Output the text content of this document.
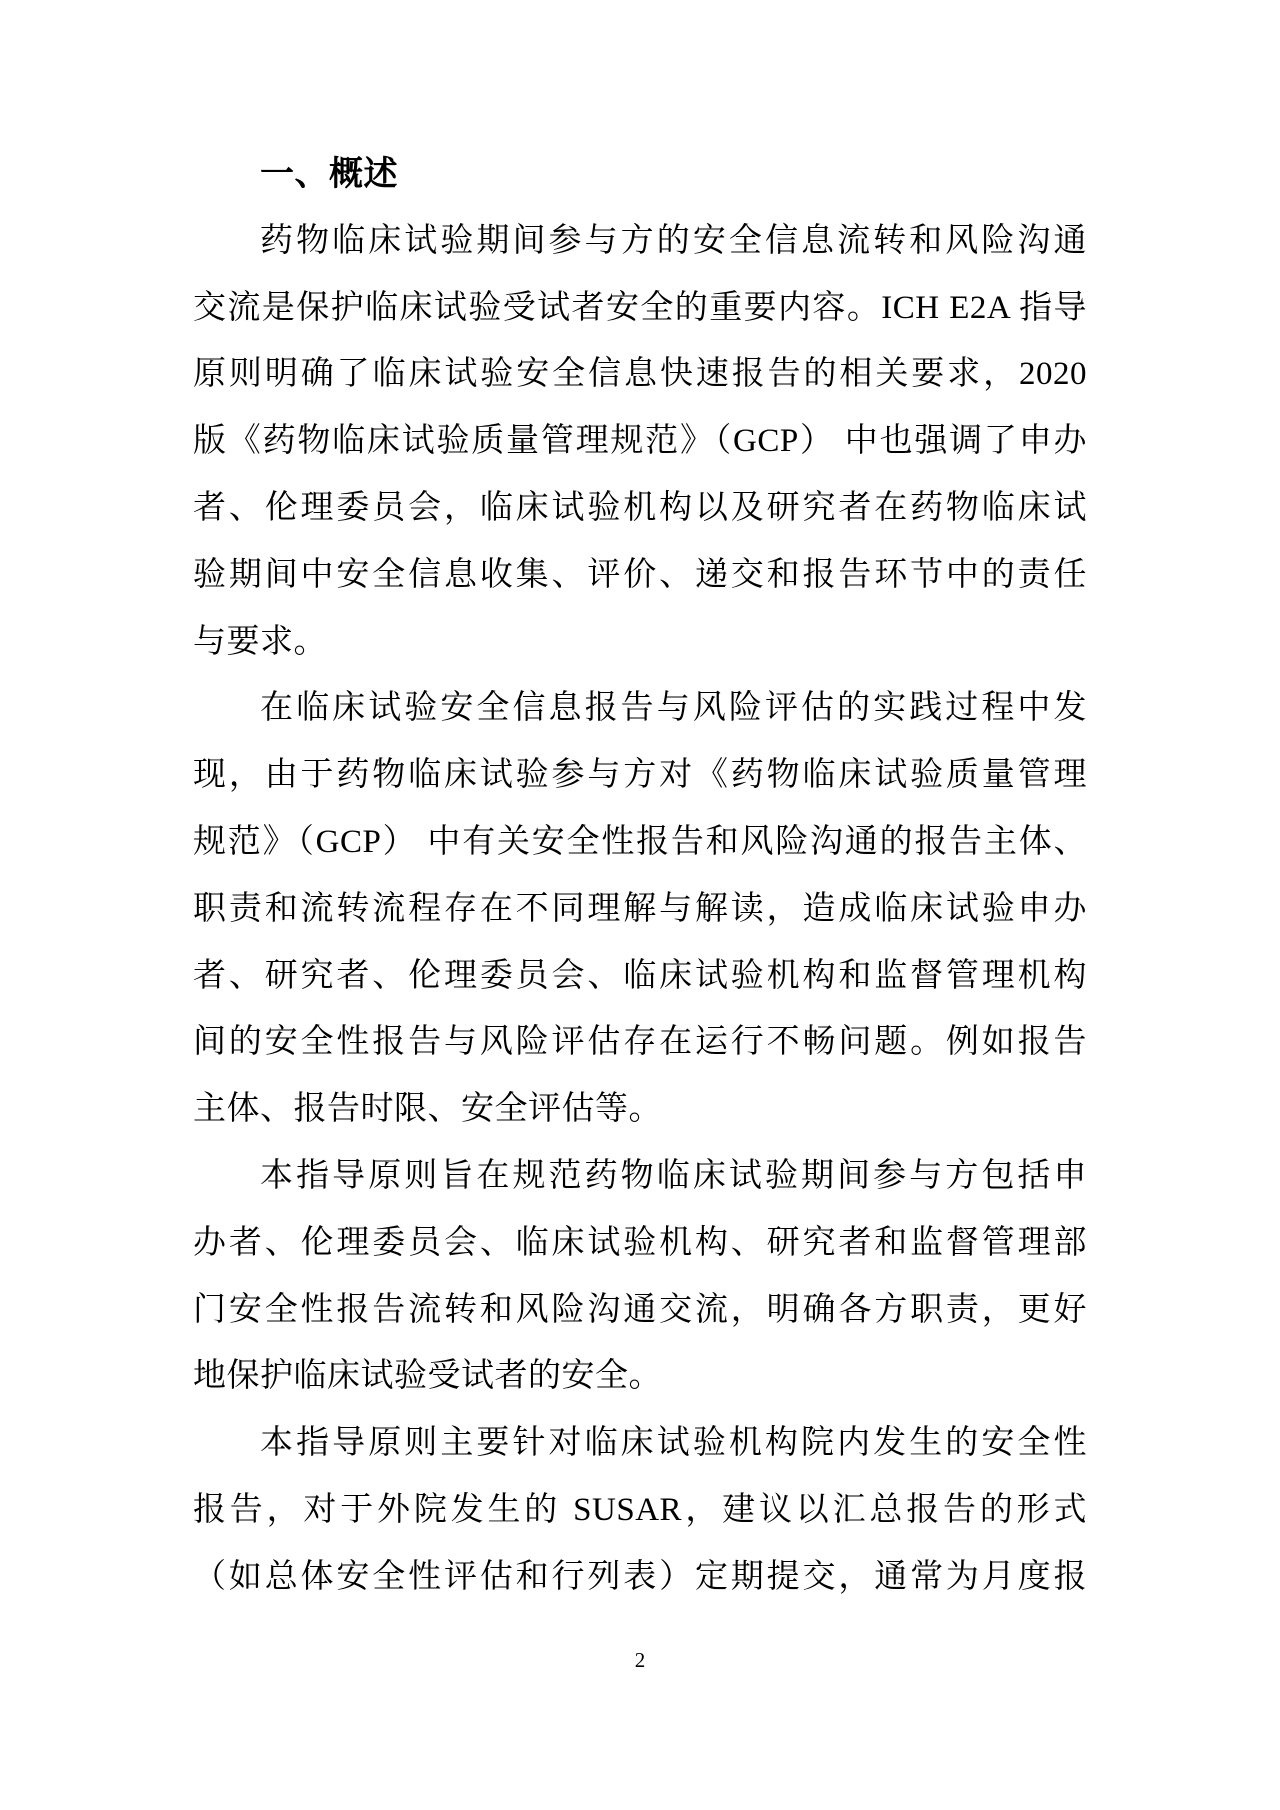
一、概述
药物临床试验期间参与方的安全信息流转和风险沟通
交流是保护临床试验受试者安全的重要内容。ICH E2A 指导
原则明确了临床试验安全信息快速报告的相关要求，2020
版《药物临床试验质量管理规范》（GCP） 中也强调了申办
者、伦理委员会，临床试验机构以及研究者在药物临床试
验期间中安全信息收集、评价、递交和报告环节中的责任
与要求。
在临床试验安全信息报告与风险评估的实践过程中发
现，由于药物临床试验参与方对《药物临床试验质量管理
规范》（GCP） 中有关安全性报告和风险沟通的报告主体、
职责和流转流程存在不同理解与解读，造成临床试验申办
者、研究者、伦理委员会、临床试验机构和监督管理机构
间的安全性报告与风险评估存在运行不畅问题。例如报告
主体、报告时限、安全评估等。
本指导原则旨在规范药物临床试验期间参与方包括申
办者、伦理委员会、临床试验机构、研究者和监督管理部
门安全性报告流转和风险沟通交流，明确各方职责，更好
地保护临床试验受试者的安全。
本指导原则主要针对临床试验机构院内发生的安全性
报告，对于外院发生的 SUSAR，建议以汇总报告的形式
（如总体安全性评估和行列表）定期提交，通常为月度报
2
